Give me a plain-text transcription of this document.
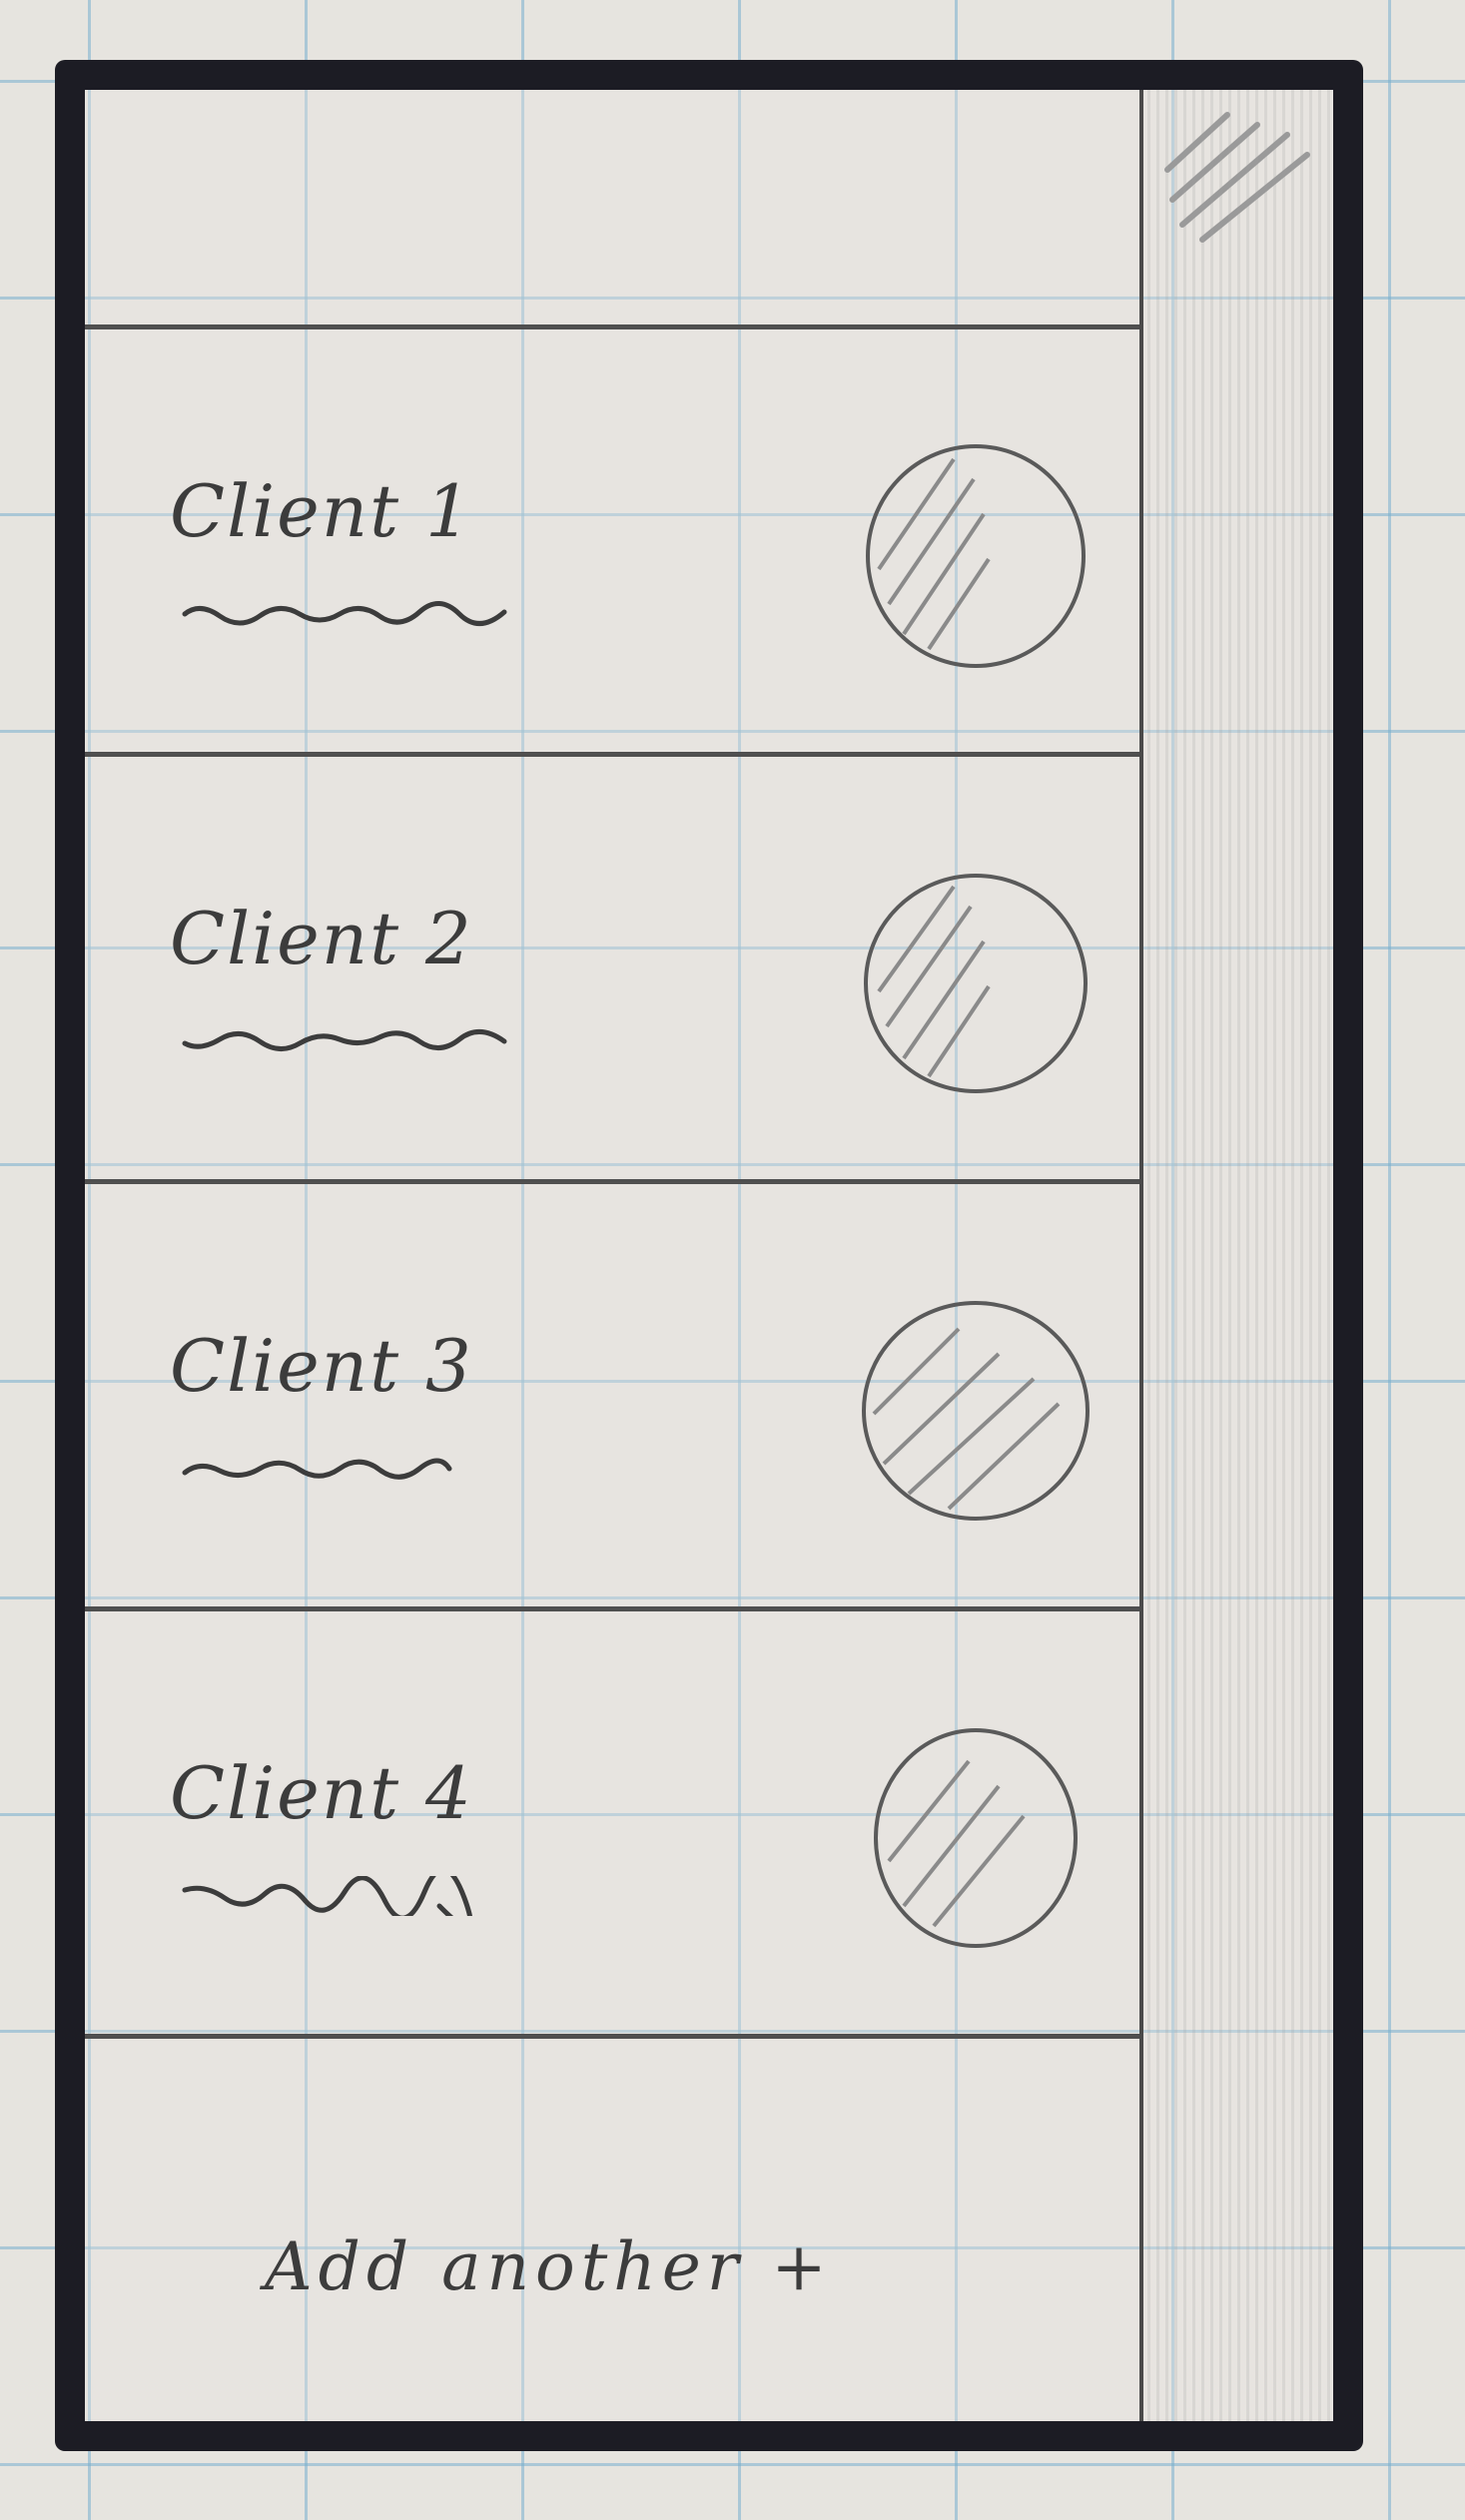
Client 1
Client 2
Client 3
Client 4
Add another +
